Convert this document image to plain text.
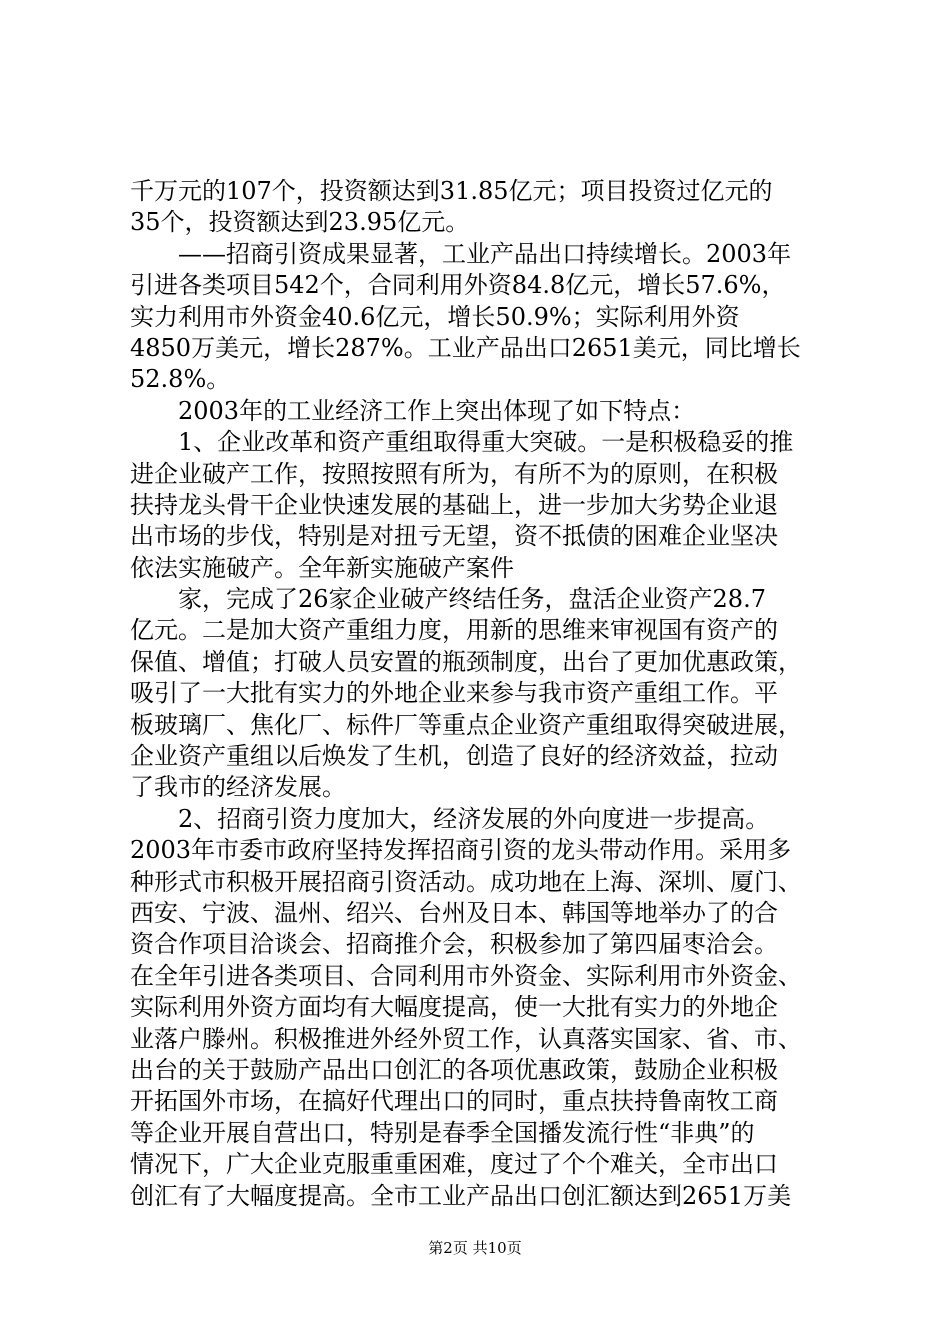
千万元的107个，投资额达到31.85亿元；项目投资过亿元的
35个，投资额达到23.95亿元。
　　——招商引资成果显著，工业产品出口持续增长。2003年
引进各类项目542个，合同利用外资84.8亿元，增长57.6%，
实力利用市外资金40.6亿元，增长50.9%；实际利用外资
4850万美元，增长287%。工业产品出口2651美元，同比增长
52.8%。
　　2003年的工业经济工作上突出体现了如下特点：
　　1、企业改革和资产重组取得重大突破。一是积极稳妥的推
进企业破产工作，按照按照有所为，有所不为的原则，在积极
扶持龙头骨干企业快速发展的基础上，进一步加大劣势企业退
出市场的步伐，特别是对扭亏无望，资不抵债的困难企业坚决
依法实施破产。全年新实施破产案件
　　家，完成了26家企业破产终结任务，盘活企业资产28.7
亿元。二是加大资产重组力度，用新的思维来审视国有资产的
保值、增值；打破人员安置的瓶颈制度，出台了更加优惠政策，
吸引了一大批有实力的外地企业来参与我市资产重组工作。平
板玻璃厂、焦化厂、标件厂等重点企业资产重组取得突破进展，
企业资产重组以后焕发了生机，创造了良好的经济效益，拉动
了我市的经济发展。
　　2、招商引资力度加大，经济发展的外向度进一步提高。
2003年市委市政府坚持发挥招商引资的龙头带动作用。采用多
种形式市积极开展招商引资活动。成功地在上海、深圳、厦门、
西安、宁波、温州、绍兴、台州及日本、韩国等地举办了的合
资合作项目洽谈会、招商推介会，积极参加了第四届枣洽会。
在全年引进各类项目、合同利用市外资金、实际利用市外资金、
实际利用外资方面均有大幅度提高，使一大批有实力的外地企
业落户滕州。积极推进外经外贸工作，认真落实国家、省、市、
出台的关于鼓励产品出口创汇的各项优惠政策，鼓励企业积极
开拓国外市场，在搞好代理出口的同时，重点扶持鲁南牧工商
等企业开展自营出口，特别是春季全国播发流行性“非典”的
情况下，广大企业克服重重困难，度过了个个难关，全市出口
创汇有了大幅度提高。全市工业产品出口创汇额达到2651万美
第2页 共10页
